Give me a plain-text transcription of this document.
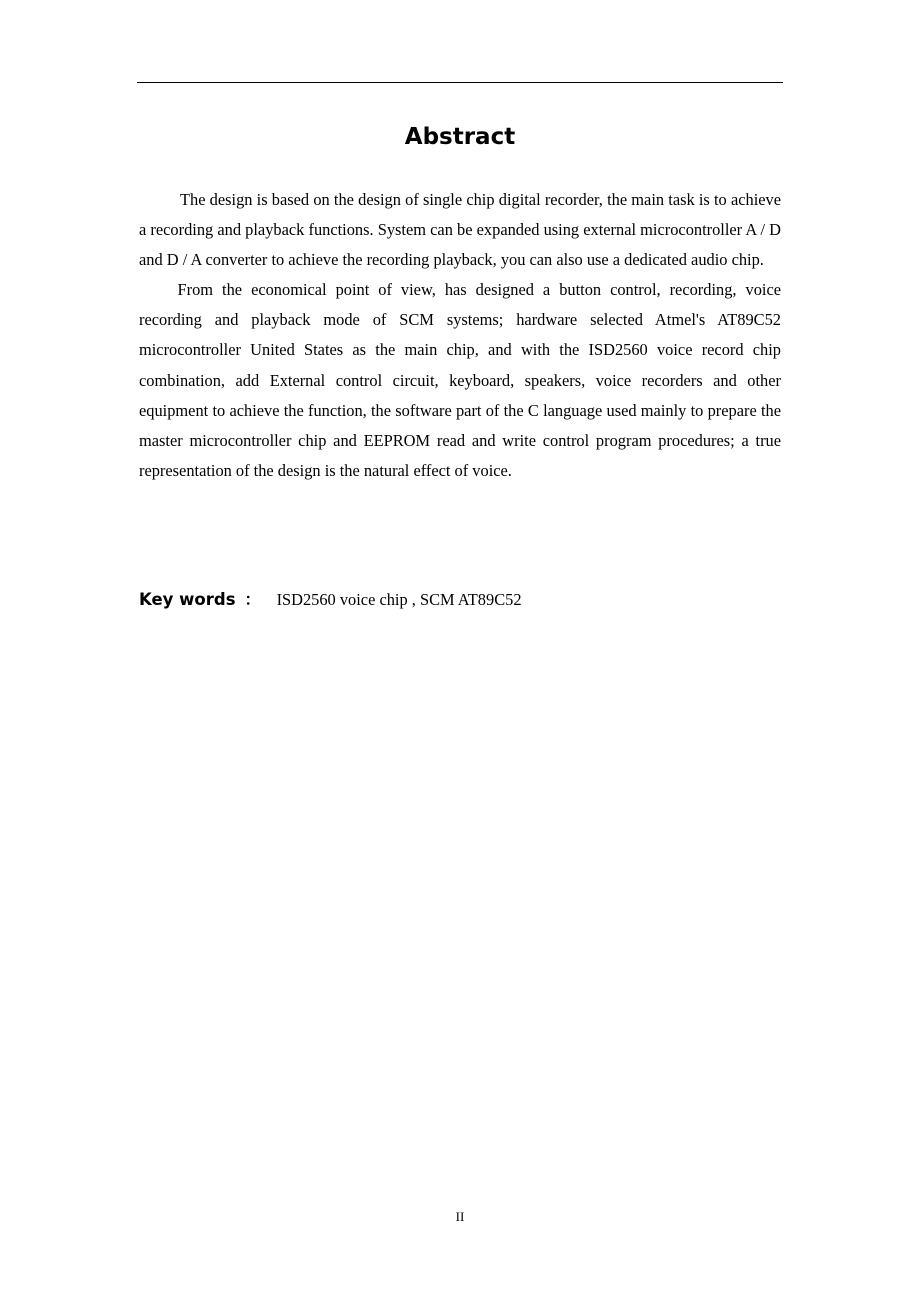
Abstract

The design is based on the design of single chip digital recorder, the main task is to achieve a recording and playback functions. System can be expanded using external microcontroller A / D and D / A converter to achieve the recording playback, you can also use a dedicated audio chip.

From the economical point of view, has designed a button control, recording, voice recording and playback mode of SCM systems; hardware selected Atmel's AT89C52 microcontroller United States as the main chip, and with the ISD2560 voice record chip combination, add External control circuit, keyboard, speakers, voice recorders and other equipment to achieve the function, the software part of the C language used mainly to prepare the master microcontroller chip and EEPROM read and write control program procedures; a true representation of the design is the natural effect of voice.

Key words ： ISD2560 voice chip , SCM AT89C52
II
